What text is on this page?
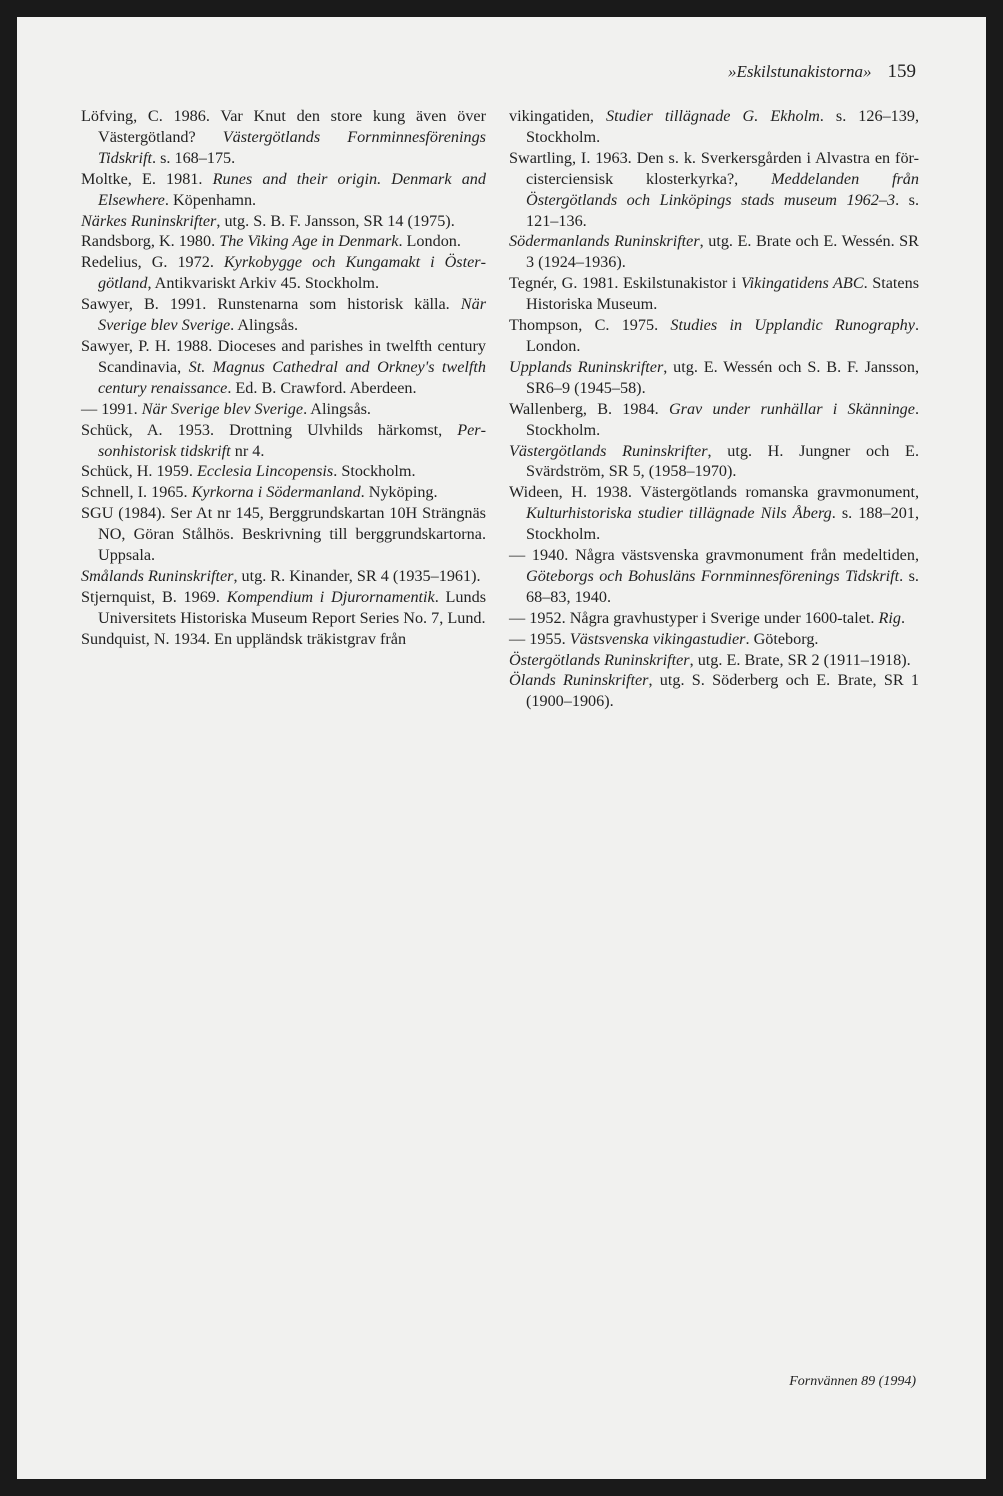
»Eskilstunakistorna» 159

Löfving, C. 1986. Var Knut den store kung även över Västergötland? Västergötlands Fornminnesförenings Tidskrift. s. 168–175.

Moltke, E. 1981. Runes and their origin. Denmark and Elsewhere. Köpenhamn.

Närkes Runinskrifter, utg. S. B. F. Jansson, SR 14 (1975).

Randsborg, K. 1980. The Viking Age in Denmark. London.

Redelius, G. 1972. Kyrkobygge och Kungamakt i Östergötland, Antikvariskt Arkiv 45. Stockholm.

Sawyer, B. 1991. Runstenarna som historisk källa. När Sverige blev Sverige. Alingsås.

Sawyer, P. H. 1988. Dioceses and parishes in twelfth century Scandinavia, St. Magnus Cathedral and Orkney's twelfth century renaissance. Ed. B. Crawford. Aberdeen.

— 1991. När Sverige blev Sverige. Alingsås.

Schück, A. 1953. Drottning Ulvhilds härkomst, Personhistorisk tidskrift nr 4.

Schück, H. 1959. Ecclesia Lincopensis. Stockholm.

Schnell, I. 1965. Kyrkorna i Södermanland. Nyköping.

SGU (1984). Ser At nr 145, Berggrundskartan 10H Strängnäs NO, Göran Stålhös. Beskrivning till berggrundskartorna. Uppsala.

Smålands Runinskrifter, utg. R. Kinander, SR 4 (1935–1961).

Stjernquist, B. 1969. Kompendium i Djurornamentik. Lunds Universitets Historiska Museum Report Series No. 7, Lund.

Sundquist, N. 1934. En uppländsk träkistgrav från

vikingatiden, Studier tillägnade G. Ekholm. s. 126–139, Stockholm.

Swartling, I. 1963. Den s. k. Sverkersgården i Alvastra en för-cisterciensisk klosterkyrka?, Meddelanden från Östergötlands och Linköpings stads museum 1962–3. s. 121–136.

Södermanlands Runinskrifter, utg. E. Brate och E. Wessén. SR 3 (1924–1936).

Tegnér, G. 1981. Eskilstunakistor i Vikingatidens ABC. Statens Historiska Museum.

Thompson, C. 1975. Studies in Upplandic Runography. London.

Upplands Runinskrifter, utg. E. Wessén och S. B. F. Jansson, SR6–9 (1945–58).

Wallenberg, B. 1984. Grav under runhällar i Skänninge. Stockholm.

Västergötlands Runinskrifter, utg. H. Jungner och E. Svärdström, SR 5, (1958–1970).

Wideen, H. 1938. Västergötlands romanska gravmonument, Kulturhistoriska studier tillägnade Nils Åberg. s. 188–201, Stockholm.

— 1940. Några västsvenska gravmonument från medeltiden, Göteborgs och Bohusläns Fornminnesförenings Tidskrift. s. 68–83, 1940.

— 1952. Några gravhustyper i Sverige under 1600-talet. Rig.

— 1955. Västsvenska vikingastudier. Göteborg.

Östergötlands Runinskrifter, utg. E. Brate, SR 2 (1911–1918).

Ölands Runinskrifter, utg. S. Söderberg och E. Brate, SR 1 (1900–1906).

Fornvännen 89 (1994)
